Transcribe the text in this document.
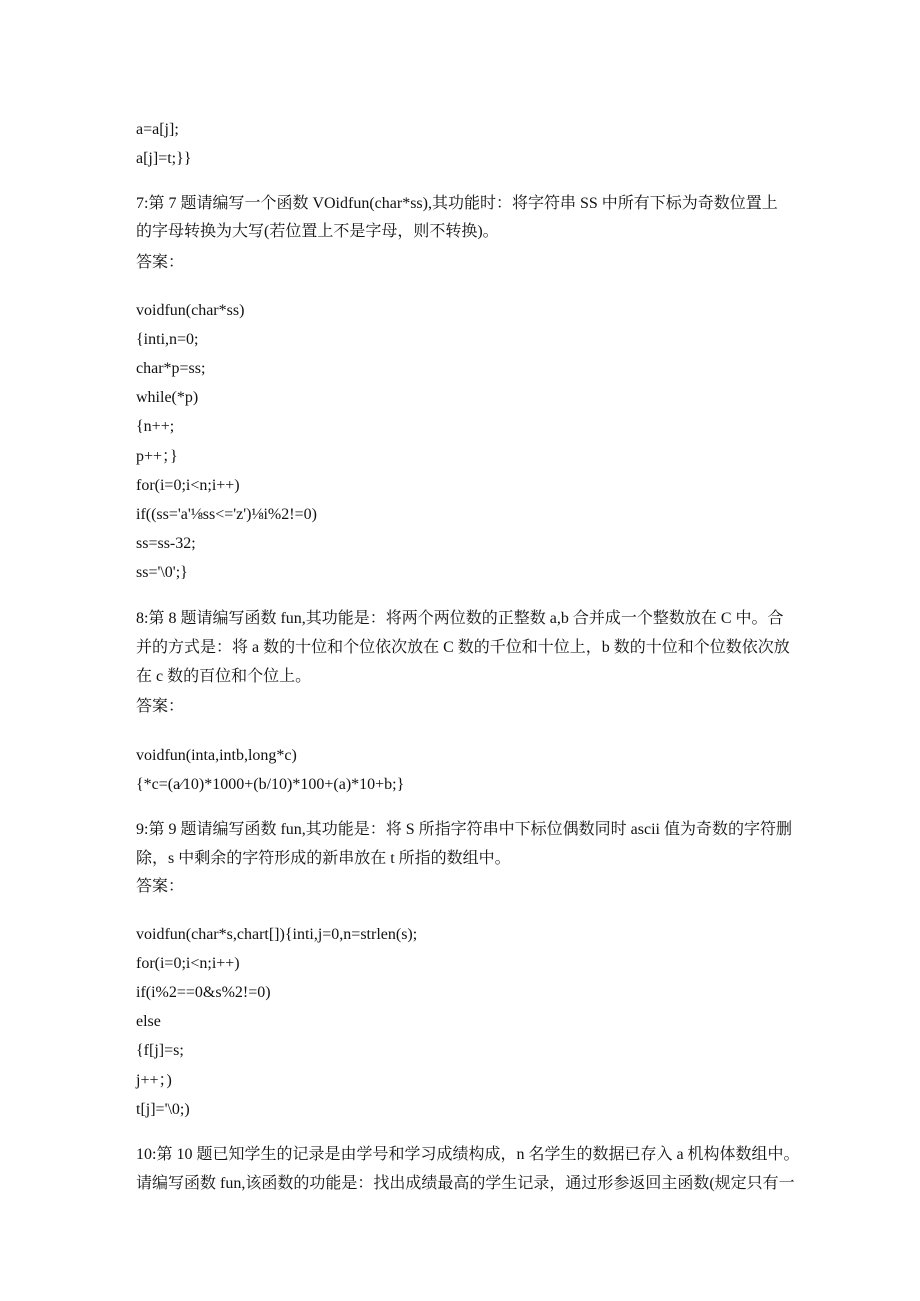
a=a[j];
a[j]=t;}}
7:第 7 题请编写一个函数 VOidfun(char*ss),其功能时：将字符串 SS 中所有下标为奇数位置上
的字母转换为大写(若位置上不是字母，则不转换)。
答案：
voidfun(char*ss)
{inti,n=0;
char*p=ss;
while(*p)
{n++;
p++；}
for(i=0;i<n;i++)
if((ss='a'⅛ss<='z')⅛i%2!=0)
ss=ss-32;
ss='\0';}
8:第 8 题请编写函数 fun,其功能是：将两个两位数的正整数 a,b 合并成一个整数放在 C 中。合
并的方式是：将 a 数的十位和个位依次放在 C 数的千位和十位上，b 数的十位和个位数依次放
在 c 数的百位和个位上。
答案：
voidfun(inta,intb,long*c)
{*c=(a⁄10)*1000+(b/10)*100+(a)*10+b;}
9:第 9 题请编写函数 fun,其功能是：将 S 所指字符串中下标位偶数同时 ascii 值为奇数的字符删
除，s 中剩余的字符形成的新串放在 t 所指的数组中。
答案：
voidfun(char*s,chart[]){inti,j=0,n=strlen(s);
for(i=0;i<n;i++)
if(i%2==0&s%2!=0)
else
{f[j]=s;
j++；)
t[j]='\0;)
10:第 10 题已知学生的记录是由学号和学习成绩构成，n 名学生的数据已存入 a 机构体数组中。
请编写函数 fun,该函数的功能是：找出成绩最高的学生记录，通过形参返回主函数(规定只有一
